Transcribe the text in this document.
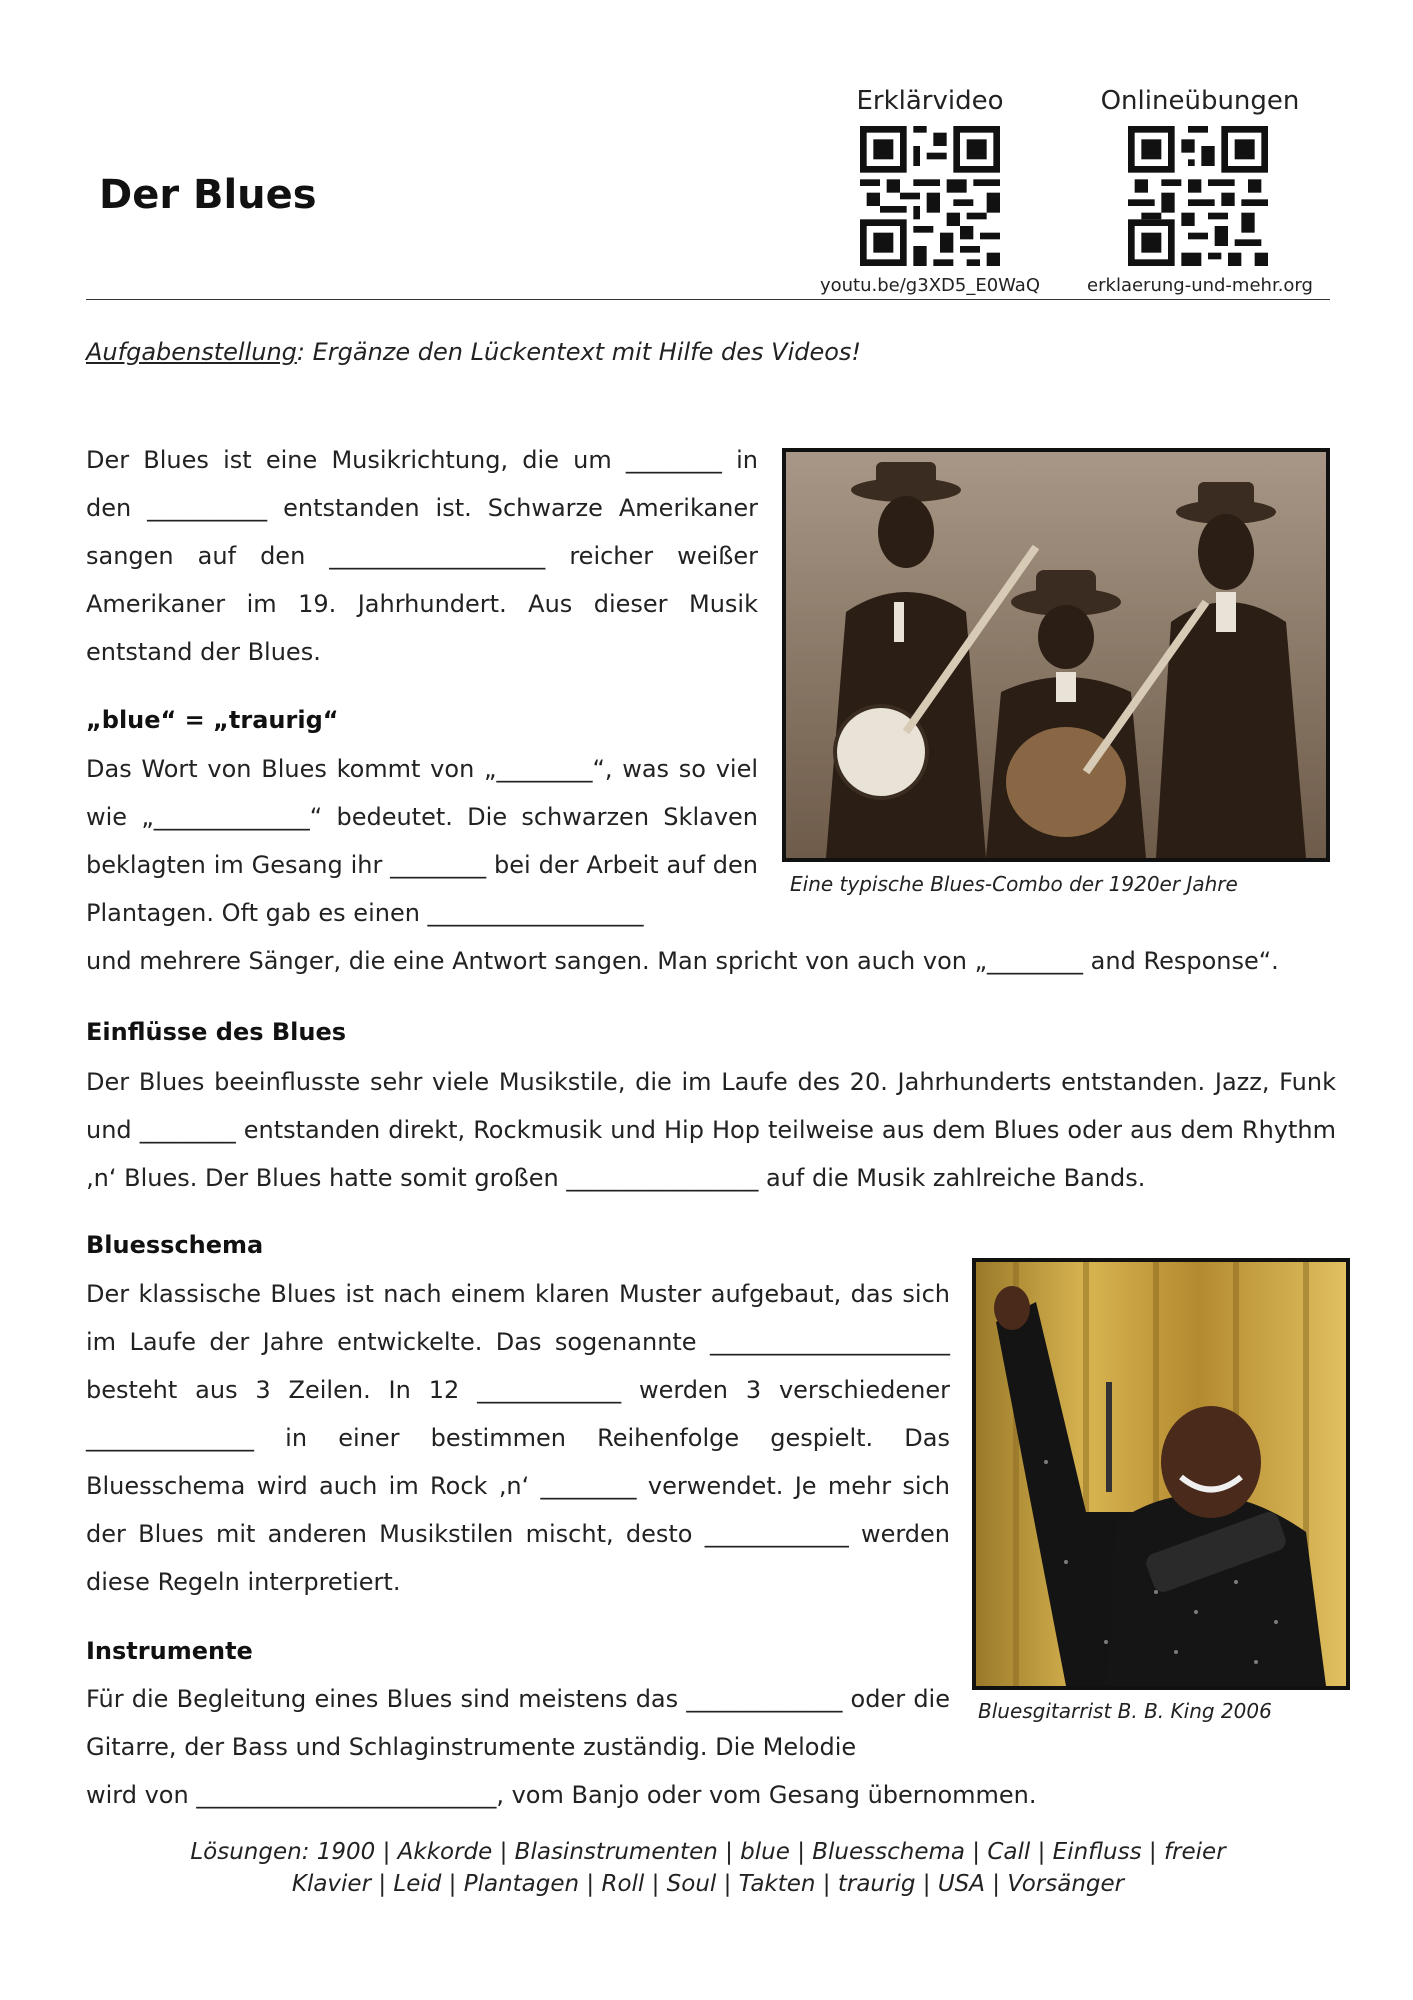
Der Blues
Erklärvideo
youtu.be/g3XD5_E0WaQ
Onlineübungen
erklaerung-und-mehr.org
Aufgabenstellung: Ergänze den Lückentext mit Hilfe des Videos!

Der Blues ist eine Musikrichtung, die um ________ in den __________ entstanden ist. Schwarze Amerikaner sangen auf den __________________ reicher weißer Amerikaner im 19. Jahrhundert. Aus dieser Musik entstand der Blues.

„blue“ = „traurig“

Das Wort von Blues kommt von „________“, was so viel wie „_____________“ bedeutet. Die schwarzen Sklaven beklagten im Gesang ihr ________ bei der Arbeit auf den Plantagen. Oft gab es einen __________________

und mehrere Sänger, die eine Antwort sangen. Man spricht von auch von „________ and Response“.

Eine typische Blues-Combo der 1920er Jahre
Einflüsse des Blues

Der Blues beeinflusste sehr viele Musikstile, die im Laufe des 20. Jahrhunderts entstanden. Jazz, Funk und ________ entstanden direkt, Rockmusik und Hip Hop teilweise aus dem Blues oder aus dem Rhythm ‚n‘ Blues. Der Blues hatte somit großen ________________ auf die Musik zahlreiche Bands.

Bluesschema

Der klassische Blues ist nach einem klaren Muster aufgebaut, das sich im Laufe der Jahre entwickelte. Das sogenannte ____________________ besteht aus 3 Zeilen. In 12 ____________ werden 3 verschiedener ______________ in einer bestimmen Reihenfolge gespielt. Das Bluesschema wird auch im Rock ‚n‘ ________ verwendet. Je mehr sich der Blues mit anderen Musikstilen mischt, desto ____________ werden diese Regeln interpretiert.

Instrumente

Für die Begleitung eines Blues sind meistens das _____________ oder die Gitarre, der Bass und Schlaginstrumente zuständig. Die Melodie

wird von _________________________, vom Banjo oder vom Gesang übernommen.

Bluesgitarrist B. B. King 2006
Lösungen: 1900 | Akkorde | Blasinstrumenten | blue | Bluesschema | Call | Einfluss | freier
Klavier | Leid | Plantagen | Roll | Soul | Takten | traurig | USA | Vorsänger
